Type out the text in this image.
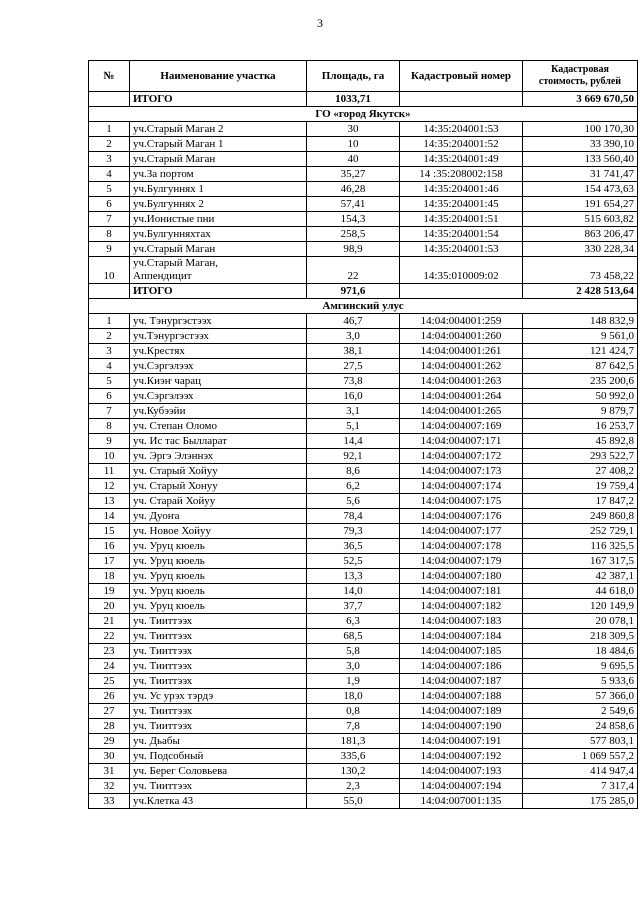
3
№	Наименование участка	Площадь, га	Кадастровый номер	Кадастровая стоимость, рублей
	ИТОГО	1033,71		3 669 670,50
ГО «город Якутск»				
1	уч.Старый Маган 2	30	14:35:204001:53	100 170,30
2	уч.Старый Маган 1	10	14:35:204001:52	33 390,10
3	уч.Старый Маган	40	14:35:204001:49	133 560,40
4	уч.За портом	35,27	14 :35:208002:158	31 741,47
5	уч.Булгуннях 1	46,28	14:35:204001:46	154 473,63
6	уч.Булгуннях 2	57,41	14:35:204001:45	191 654,27
7	уч.Ионистые пни	154,3	14:35:204001:51	515 603,82
8	уч.Булгунняхтах	258,5	14:35:204001:54	863 206,47
9	уч.Старый Маган	98,9	14:35:204001:53	330 228,34
10	уч.Старый Маган,
Аппендицит	22	14:35:010009:02	73 458,22
	ИТОГО	971,6		2 428 513,64
Амгинский улус				
1	уч. Тэнургэстээх	46,7	14:04:004001:259	148 832,9
2	уч.Тэнургэстээх	3,0	14:04:004001:260	9 561,0
3	уч.Крестях	38,1	14:04:004001:261	121 424,7
4	уч.Сэргэлээх	27,5	14:04:004001:262	87 642,5
5	уч.Киэҥ чарац	73,8	14:04:004001:263	235 200,6
6	уч.Сэргэлээх	16,0	14:04:004001:264	50 992,0
7	уч.Кубээйи	3,1	14:04:004001:265	9 879,7
8	уч. Степан Оломо	5,1	14:04:004007:169	16 253,7
9	уч. Ис тас Былларат	14,4	14:04:004007:171	45 892,8
10	уч. Эргэ Элэннэх	92,1	14:04:004007:172	293 522,7
11	уч. Старый Хойуу	8,6	14:04:004007:173	27 408,2
12	уч. Старый Хонуу	6,2	14:04:004007:174	19 759,4
13	уч. Старай Хойуу	5,6	14:04:004007:175	17 847,2
14	уч. Дуоҥа	78,4	14:04:004007:176	249 860,8
15	уч. Новое Хойуу	79,3	14:04:004007:177	252 729,1
16	уч. Уруц кюель	36,5	14:04:004007:178	116 325,5
17	уч. Уруц кюель	52,5	14:04:004007:179	167 317,5
18	уч. Уруц кюель	13,3	14:04:004007:180	42 387,1
19	уч. Уруц кюель	14,0	14:04:004007:181	44 618,0
20	уч. Уруц кюель	37,7	14:04:004007:182	120 149,9
21	уч. Тииттээх	6,3	14:04:004007:183	20 078,1
22	уч. Тииттээх	68,5	14:04:004007:184	218 309,5
23	уч. Тииттээх	5,8	14:04:004007:185	18 484,6
24	уч. Тииттээх	3,0	14:04:004007:186	9 695,5
25	уч. Тииттээх	1,9	14:04:004007:187	5 933,6
26	уч. Ус урэх тэрдэ	18,0	14:04:004007:188	57 366,0
27	уч. Тииттээх	0,8	14:04:004007:189	2 549,6
28	уч. Тииттээх	7,8	14:04:004007:190	24 858,6
29	уч. Дьабы	181,3	14:04:004007:191	577 803,1
30	уч. Подсобный	335,6	14:04:004007:192	1 069 557,2
31	уч. Берег Соловьева	130,2	14:04:004007:193	414 947,4
32	уч. Тииттээх	2,3	14:04:004007:194	7 317,4
33	уч.Клетка 43	55,0	14:04:007001:135	175 285,0
